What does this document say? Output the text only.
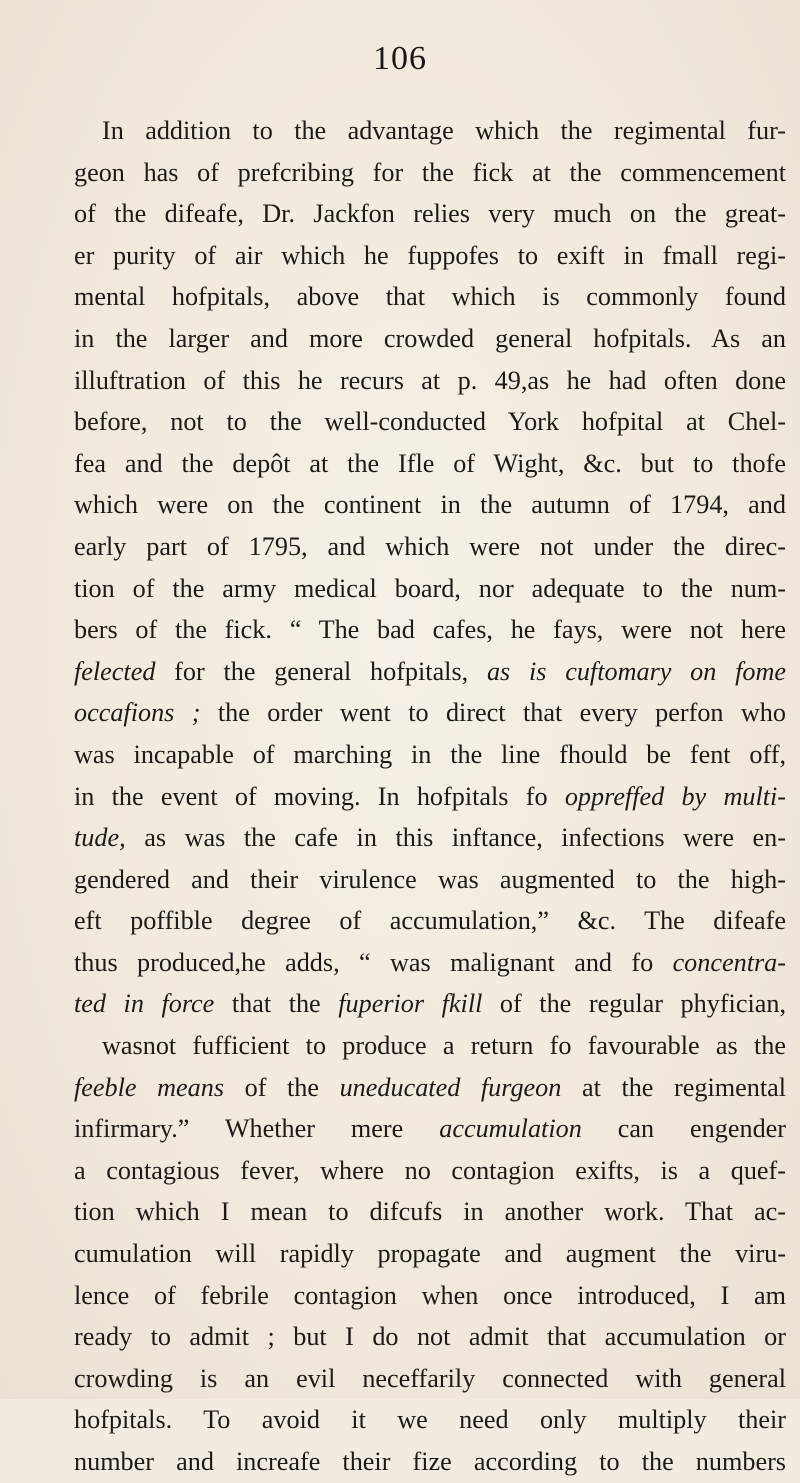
106
In addition to the advantage which the regimental fur-
geon has of prefcribing for the fick at the commencement
of the difeafe, Dr. Jackfon relies very much on the great-
er purity of air which he fuppofes to exift in fmall regi-
mental hofpitals, above that which is commonly found
in the larger and more crowded general hofpitals. As an
illuftration of this he recurs at p. 49,as he had often done
before, not to the well-conducted York hofpital at Chel-
fea and the depôt at the Ifle of Wight, &c. but to thofe
which were on the continent in the autumn of 1794, and
early part of 1795, and which were not under the direc-
tion of the army medical board, nor adequate to the num-
bers of the fick. “ The bad cafes, he fays, were not here
felected for the general hofpitals, as is cuftomary on fome
occafions ; the order went to direct that every perfon who
was incapable of marching in the line fhould be fent off,
in the event of moving. In hofpitals fo oppreffed by multi-
tude, as was the cafe in this inftance, infections were en-
gendered and their virulence was augmented to the high-
eft poffible degree of accumulation,” &c. The difeafe
thus produced,he adds, “ was malignant and fo concentra-
ted in force that the fuperior fkill of the regular phyfician,
wasnot fufficient to produce a return fo favourable as the
feeble means of the uneducated furgeon at the regimental
infirmary.” Whether mere accumulation can engender
a contagious fever, where no contagion exifts, is a quef-
tion which I mean to difcufs in another work. That ac-
cumulation will rapidly propagate and augment the viru-
lence of febrile contagion when once introduced, I am
ready to admit ; but I do not admit that accumulation or
crowding is an evil neceffarily connected with general
hofpitals. To avoid it we need only multiply their
number and increafe their fize according to the numbers
